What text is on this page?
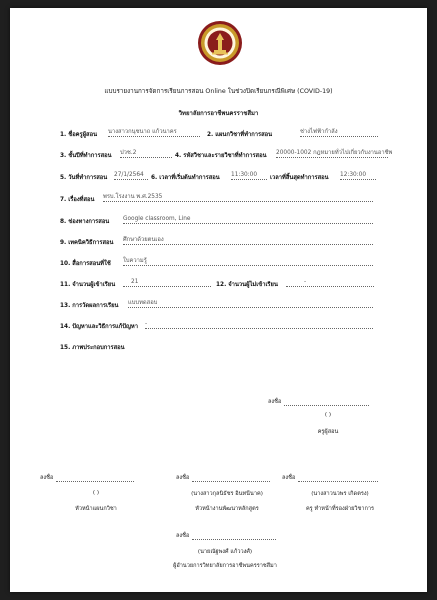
แบบรายงานการจัดการเรียนการสอน Online ในช่วงปิดเรียนกรณีพิเศษ (COVID-19)
วิทยาลัยการอาชีพนครราชสีมา
1. ชื่อครูผู้สอน นางสาวกนุชนาถ แก้วนาคร	2. แผนกวิชาที่ทำการสอน	ช่างไฟฟ้ากำลัง
3. ชั้นปีที่ทำการสอน ปวช.2	4. รหัสวิชาและรายวิชาที่ทำการสอน 20000-1002 กฎหมายทั่วไปเกี่ยวกับงานอาชีพ
5. วันที่ทำการสอน 27/1/2564	6. เวลาที่เริ่มต้นทำการสอน 11:30:00	เวลาที่สิ้นสุดทำการสอน 12:30:00
7. เรื่องที่สอน พรบ.โรงงาน พ.ศ.2535
8. ช่องทางการสอน Google classroom, Line
9. เทคนิควิธีการสอน ศึกษาด้วยตนเอง
10. สื่อการสอนที่ใช้ ใบความรู้
11. จำนวนผู้เข้าเรียน	21	12. จำนวนผู้ไม่เข้าเรียน	-
13. การวัดผลการเรียน แบบทดสอบ
14. ปัญหาและวิธีการแก้ปัญหา -
15. ภาพประกอบการสอน
ลงชื่อ
( )
ครูผู้สอน
ลงชื่อ
( )
หัวหน้าแผนกวิชา
ลงชื่อ
(นางสาวกุลนิธัชร อินทนีนาค)
หัวหน้างานพัฒนาหลักสูตร
ลงชื่อ
(นางสาวนวพร เกิดตรง)
ครู ทำหน้าที่รองฝ่ายวิชาการ
ลงชื่อ
(นายณัฐพงศ์ แก้ววงศ์)
ผู้อำนวยการวิทยาลัยการอาชีพนครราชสีมา
